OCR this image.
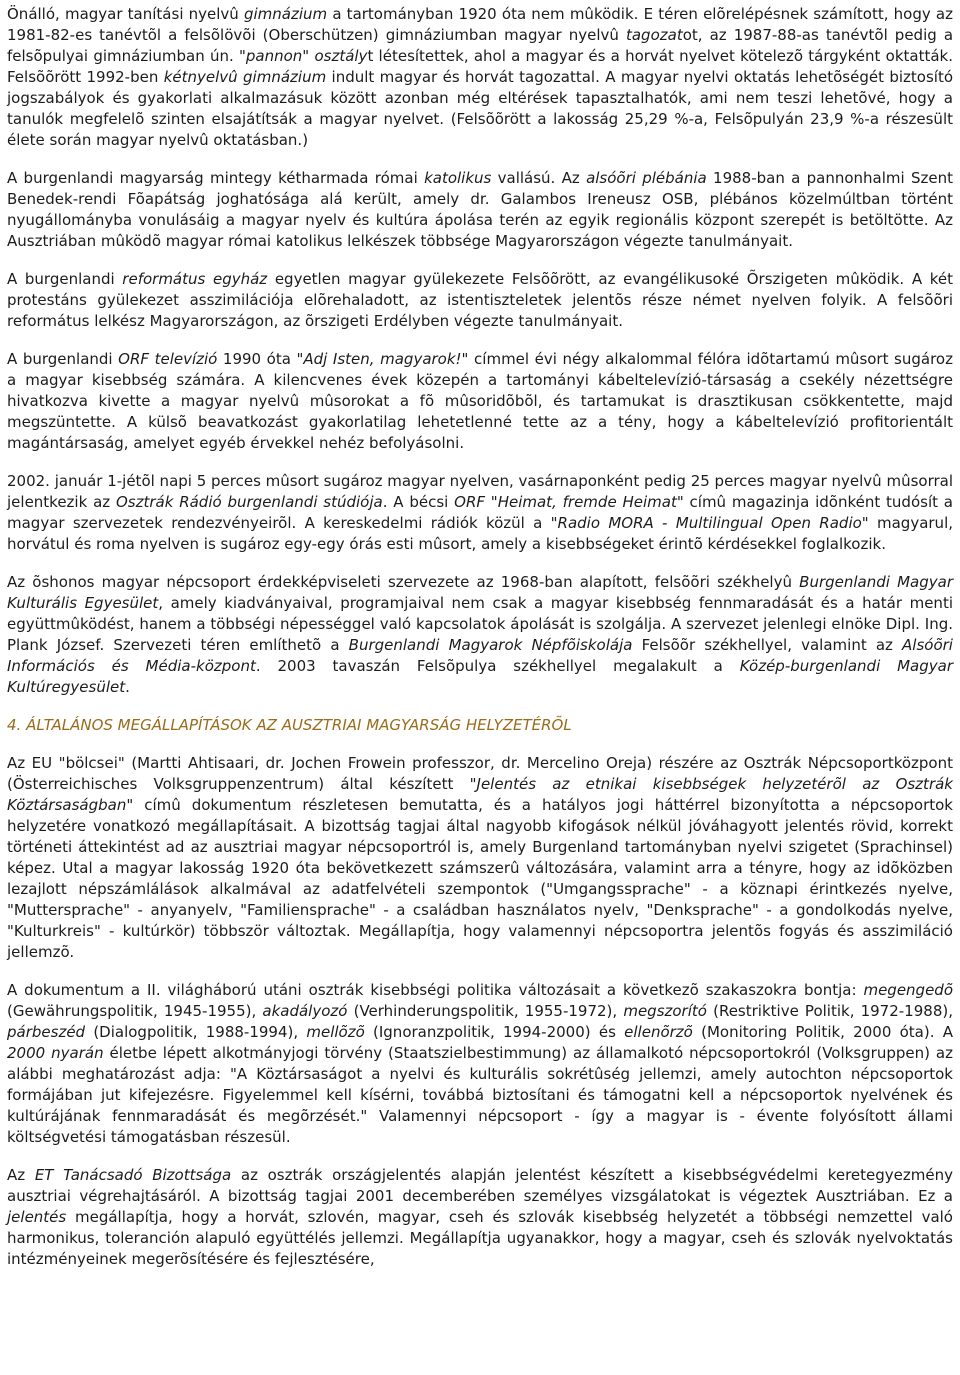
Önálló, magyar tanítási nyelvû gimnázium a tartományban 1920 óta nem mûködik. E téren elõrelépésnek számított, hogy az 1981-82-es tanévtõl a felsõlövõi (Oberschützen) gimnáziumban magyar nyelvû tagozatot, az 1987-88-as tanévtõl pedig a felsõpulyai gimnáziumban ún. "pannon" osztályt létesítettek, ahol a magyar és a horvát nyelvet kötelezõ tárgyként oktatták. Felsõõrött 1992-ben kétnyelvû gimnázium indult magyar és horvát tagozattal. A magyar nyelvi oktatás lehetõségét biztosító jogszabályok és gyakorlati alkalmazásuk között azonban még eltérések tapasztalhatók, ami nem teszi lehetõvé, hogy a tanulók megfelelõ szinten elsajátítsák a magyar nyelvet. (Felsõõrött a lakosság 25,29 %-a, Felsõpulyán 23,9 %-a részesült élete során magyar nyelvû oktatásban.)

A burgenlandi magyarság mintegy kétharmada római katolikus vallású. Az alsóõri plébánia 1988-ban a pannonhalmi Szent Benedek-rendi Fõapátság joghatósága alá került, amely dr. Galambos Ireneusz OSB, plébános közelmúltban történt nyugállományba vonulásáig a magyar nyelv és kultúra ápolása terén az egyik regionális központ szerepét is betöltötte. Az Ausztriában mûködõ magyar római katolikus lelkészek többsége Magyarországon végezte tanulmányait.

A burgenlandi református egyház egyetlen magyar gyülekezete Felsõõrött, az evangélikusoké Õrszigeten mûködik. A két protestáns gyülekezet asszimilációja elõrehaladott, az istentiszteletek jelentõs része német nyelven folyik. A felsõõri református lelkész Magyarországon, az õrszigeti Erdélyben végezte tanulmányait.

A burgenlandi ORF televízió 1990 óta "Adj Isten, magyarok!" címmel évi négy alkalommal félóra idõtartamú mûsort sugároz a magyar kisebbség számára. A kilencvenes évek közepén a tartományi kábeltelevízió-társaság a csekély nézettségre hivatkozva kivette a magyar nyelvû mûsorokat a fõ mûsoridõbõl, és tartamukat is drasztikusan csökkentette, majd megszüntette. A külsõ beavatkozást gyakorlatilag lehetetlenné tette az a tény, hogy a kábeltelevízió profitorientált magántársaság, amelyet egyéb érvekkel nehéz befolyásolni.

2002. január 1-jétõl napi 5 perces mûsort sugároz magyar nyelven, vasárnaponként pedig 25 perces magyar nyelvû mûsorral jelentkezik az Osztrák Rádió burgenlandi stúdiója. A bécsi ORF "Heimat, fremde Heimat" címû magazinja idõnként tudósít a magyar szervezetek rendezvényeirõl. A kereskedelmi rádiók közül a "Radio MORA - Multilingual Open Radio" magyarul, horvátul és roma nyelven is sugároz egy-egy órás esti mûsort, amely a kisebbségeket érintõ kérdésekkel foglalkozik.

Az õshonos magyar népcsoport érdekképviseleti szervezete az 1968-ban alapított, felsõõri székhelyû Burgenlandi Magyar Kulturális Egyesület, amely kiadványaival, programjaival nem csak a magyar kisebbség fennmaradását és a határ menti együttmûködést, hanem a többségi népességgel való kapcsolatok ápolását is szolgálja. A szervezet jelenlegi elnöke Dipl. Ing. Plank József. Szervezeti téren említhetõ a Burgenlandi Magyarok Népfõiskolája Felsõõr székhellyel, valamint az Alsóõri Információs és Média-központ. 2003 tavaszán Felsõpulya székhellyel megalakult a Közép-burgenlandi Magyar Kultúregyesület.

4. ÁLTALÁNOS MEGÁLLAPÍTÁSOK AZ AUSZTRIAI MAGYARSÁG HELYZETÉRÕL

Az EU "bölcsei" (Martti Ahtisaari, dr. Jochen Frowein professzor, dr. Mercelino Oreja) részére az Osztrák Népcsoportközpont (Österreichisches Volksgruppenzentrum) által készített "Jelentés az etnikai kisebbségek helyzetérõl az Osztrák Köztársaságban" címû dokumentum részletesen bemutatta, és a hatályos jogi háttérrel bizonyította a népcsoportok helyzetére vonatkozó megállapításait. A bizottság tagjai által nagyobb kifogások nélkül jóváhagyott jelentés rövid, korrekt történeti áttekintést ad az ausztriai magyar népcsoportról is, amely Burgenland tartományban nyelvi szigetet (Sprachinsel) képez. Utal a magyar lakosság 1920 óta bekövetkezett számszerû változására, valamint arra a tényre, hogy az idõközben lezajlott népszámlálások alkalmával az adatfelvételi szempontok ("Umgangssprache" - a köznapi érintkezés nyelve, "Muttersprache" - anyanyelv, "Familiensprache" - a családban használatos nyelv, "Denksprache" - a gondolkodás nyelve, "Kulturkreis" - kultúrkör) többször változtak. Megállapítja, hogy valamennyi népcsoportra jelentõs fogyás és asszimiláció jellemzõ.

A dokumentum a II. világháború utáni osztrák kisebbségi politika változásait a következõ szakaszokra bontja: megengedõ (Gewährungspolitik, 1945-1955), akadályozó (Verhinderungspolitik, 1955-1972), megszorító (Restriktive Politik, 1972-1988), párbeszéd (Dialogpolitik, 1988-1994), mellõzõ (Ignoranzpolitik, 1994-2000) és ellenõrzõ (Monitoring Politik, 2000 óta). A 2000 nyarán életbe lépett alkotmányjogi törvény (Staatszielbestimmung) az államalkotó népcsoportokról (Volksgruppen) az alábbi meghatározást adja: "A Köztársaságot a nyelvi és kulturális sokrétûség jellemzi, amely autochton népcsoportok formájában jut kifejezésre. Figyelemmel kell kísérni, továbbá biztosítani és támogatni kell a népcsoportok nyelvének és kultúrájának fennmaradását és megõrzését." Valamennyi népcsoport - így a magyar is - évente folyósított állami költségvetési támogatásban részesül.

Az ET Tanácsadó Bizottsága az osztrák országjelentés alapján jelentést készített a kisebbségvédelmi keretegyezmény ausztriai végrehajtásáról. A bizottság tagjai 2001 decemberében személyes vizsgálatokat is végeztek Ausztriában. Ez a jelentés megállapítja, hogy a horvát, szlovén, magyar, cseh és szlovák kisebbség helyzetét a többségi nemzettel való harmonikus, toleranción alapuló együttélés jellemzi. Megállapítja ugyanakkor, hogy a magyar, cseh és szlovák nyelvoktatás intézményeinek megerõsítésére és fejlesztésére,
